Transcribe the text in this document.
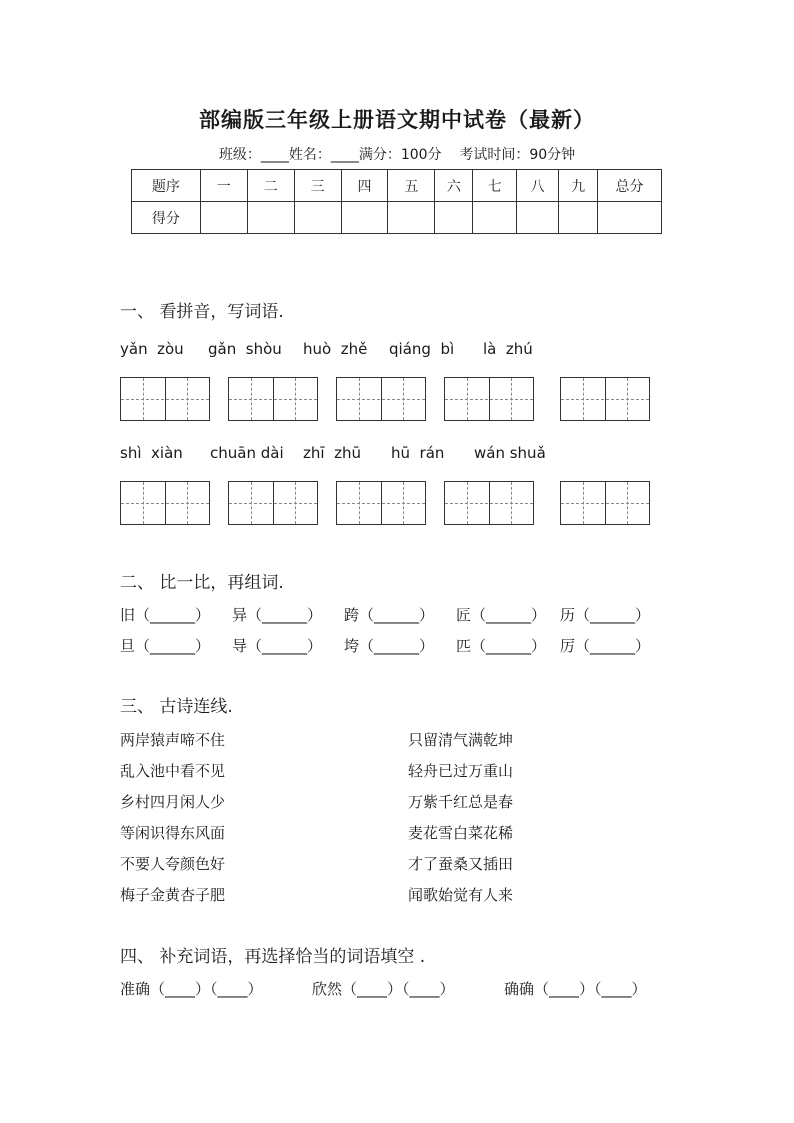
部编版三年级上册语文期中试卷（最新）
班级：____姓名：____满分：100分    考试时间：90分钟
题序	一	二	三	四	五	六	七	八	九	总分
得分										
一、 看拼音，写词语.
yǎn  zòu gǎn  shòu huò  zhě qiáng  bì là  zhú
shì  xiàn chuān dài zhī  zhū hū  rán wán shuǎ
二、 比一比，再组词.
旧（______） 异（______） 跨（______） 匠（______） 历（______）
旦（______） 导（______） 垮（______） 匹（______） 厉（______）
三、 古诗连线.
两岸猿声啼不住
乱入池中看不见
乡村四月闲人少
等闲识得东风面
不要人夸颜色好
梅子金黄杏子肥
只留清气满乾坤
轻舟已过万重山
万紫千红总是春
麦花雪白菜花稀
才了蚕桑又插田
闻歌始觉有人来
四、 补充词语，再选择恰当的词语填空 .
准确（____）（____）	欣然（____）（____）	确确（____）（____）
